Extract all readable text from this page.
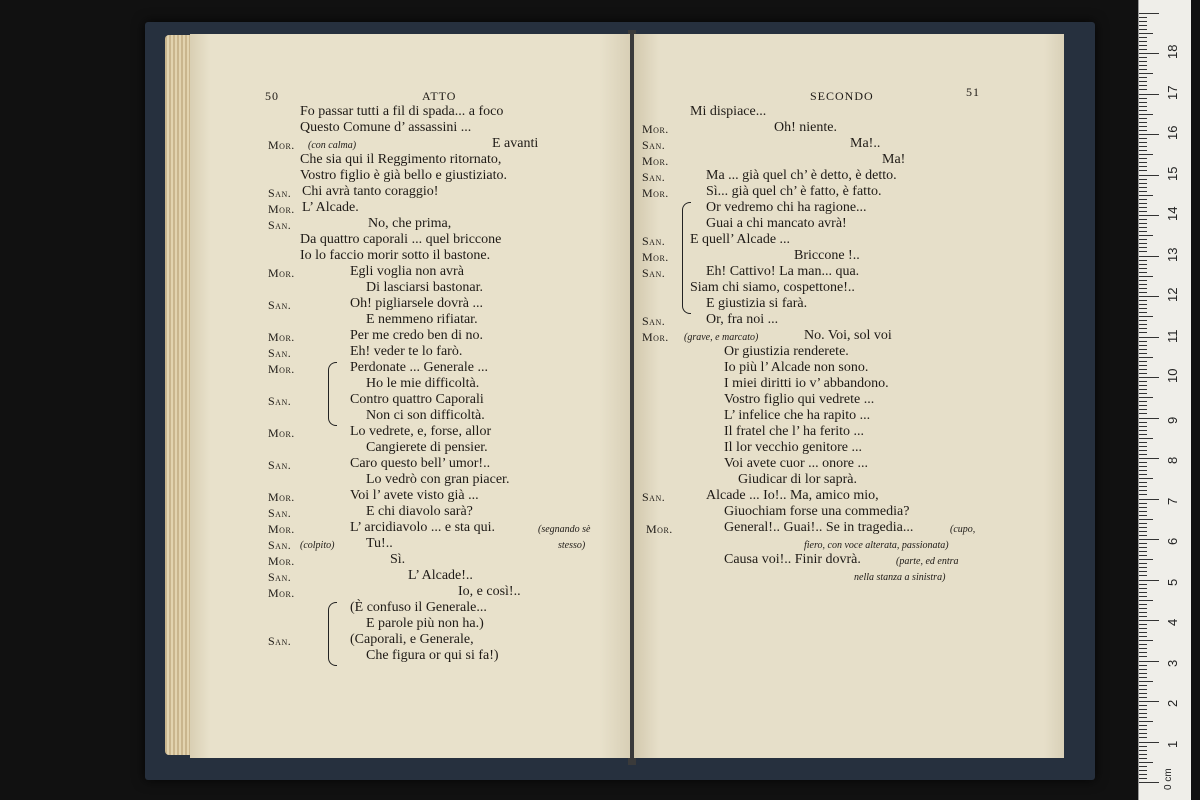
50	ATTO
Fo passar tutti a fil di spada... a foco
Questo Comune d’ assassini ...
Mor. (con calma)	E avanti
Che sia qui il Reggimento ritornato,
Vostro figlio è già bello e giustiziato.
San. Chi avrà tanto coraggio!
Mor. L’ Alcade.
San.	No, che prima,
Da quattro caporali ... quel briccone
Io lo faccio morir sotto il bastone.
Mor.	Egli voglia non avrà
Di lasciarsi bastonar.
San.	Oh! pigliarsele dovrà ...
E nemmeno rifiatar.
Mor.	Per me credo ben di no.
San.	Eh! veder te lo farò.
Mor.	Perdonate ... Generale ...
Ho le mie difficoltà.
San.	Contro quattro Caporali
Non ci son difficoltà.
Mor.	Lo vedrete, e, forse, allor
Cangierete di pensier.
San.	Caro questo bell’ umor!..
Lo vedrò con gran piacer.
Mor.	Voi l’ avete visto già ...
San.	E chi diavolo sarà?
Mor.	L’ arcidiavolo ... e sta qui.	(segnando sè
San. (colpito) Tu!..	stesso)
Mor.	Sì.
San.	L’ Alcade!..
Mor.	Io, e così!..
(È confuso il Generale...
E parole più non ha.)
San.	(Caporali, e Generale,
Che figura or qui si fa!)
SECONDO	51
Mi dispiace...
Mor.	Oh! niente.
San.	Ma!..
Mor.	Ma!
San.	Ma ... già quel ch’ è detto, è detto.
Mor.	Sì... già quel ch’ è fatto, è fatto.
Or vedremo chi ha ragione...
Guai a chi mancato avrà!
San. E quell’ Alcade ...
Mor.	Briccone !..
San.	Eh! Cattivo! La man... qua.
Siam chi siamo, cospettone!..
E giustizia si farà.
San.	Or, fra noi ...
Mor. (grave, e marcato)	No. Voi, sol voi
Or giustizia renderete.
Io più l’ Alcade non sono.
I miei diritti io v’ abbandono.
Vostro figlio qui vedrete ...
L’ infelice che ha rapito ...
Il fratel che l’ ha ferito ...
Il lor vecchio genitore ...
Voi avete cuor ... onore ...
Giudicar di lor saprà.
San.	Alcade ... Io!.. Ma, amico mio,
Giuochiam forse una commedia?
Mor.	General!.. Guai!.. Se in tragedia...	(cupo,
fiero, con voce alterata, passionata)
Causa voi!.. Finir dovrà.	(parte, ed entra
nella stanza a sinistra)
0 cm
1
2
3
4
5
6
7
8
9
10
11
12
13
14
15
16
17
18
